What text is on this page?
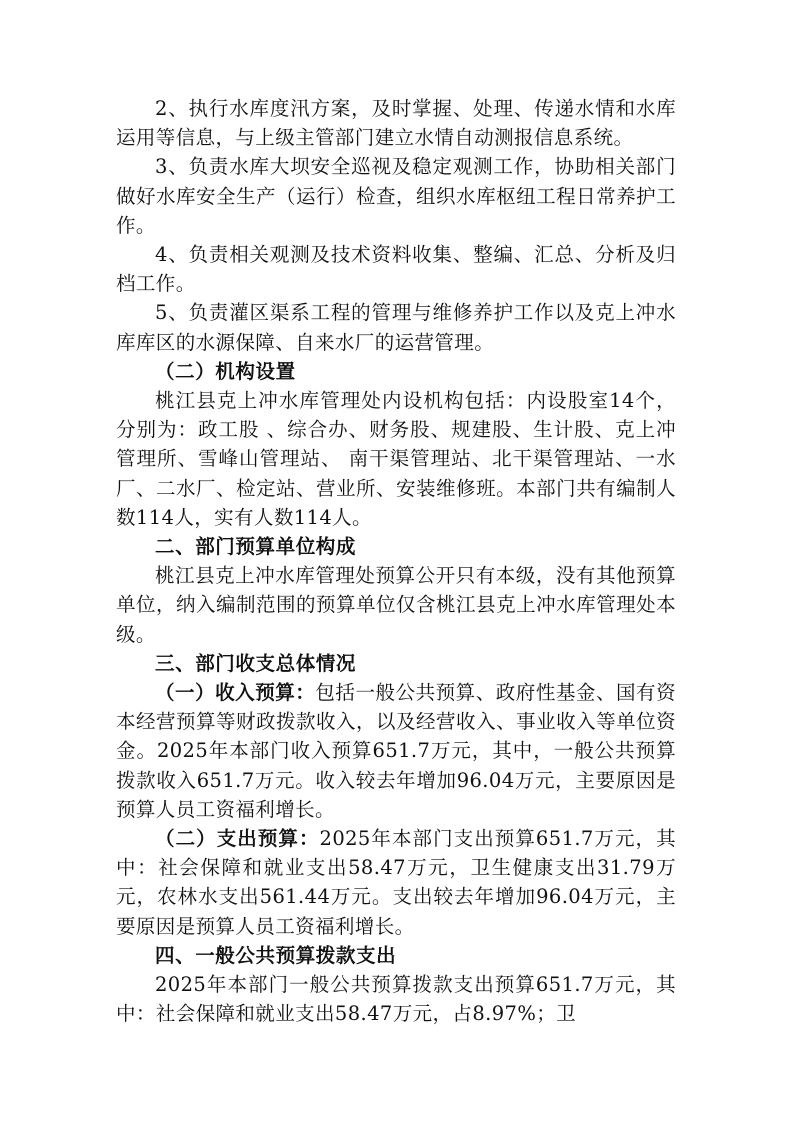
2、执行水库度汛方案，及时掌握、处理、传递水情和水库运用等信息，与上级主管部门建立水情自动测报信息系统。

3、负责水库大坝安全巡视及稳定观测工作，协助相关部门做好水库安全生产（运行）检查，组织水库枢纽工程日常养护工作。

4、负责相关观测及技术资料收集、整编、汇总、分析及归档工作。

5、负责灌区渠系工程的管理与维修养护工作以及克上冲水库库区的水源保障、自来水厂的运营管理。

（二）机构设置

桃江县克上冲水库管理处内设机构包括：内设股室14个，分别为：政工股 、综合办、财务股、规建股、生计股、克上冲管理所、雪峰山管理站、 南干渠管理站、北干渠管理站、一水厂、二水厂、检定站、营业所、安装维修班。本部门共有编制人数114人，实有人数114人。

二、部门预算单位构成

桃江县克上冲水库管理处预算公开只有本级，没有其他预算单位，纳入编制范围的预算单位仅含桃江县克上冲水库管理处本级。

三、部门收支总体情况

（一）收入预算：包括一般公共预算、政府性基金、国有资本经营预算等财政拨款收入，以及经营收入、事业收入等单位资金。2025年本部门收入预算651.7万元，其中，一般公共预算拨款收入651.7万元。收入较去年增加96.04万元，主要原因是预算人员工资福利增长。

（二）支出预算：2025年本部门支出预算651.7万元，其中：社会保障和就业支出58.47万元，卫生健康支出31.79万元，农林水支出561.44万元。支出较去年增加96.04万元，主要原因是预算人员工资福利增长。

四、一般公共预算拨款支出

2025年本部门一般公共预算拨款支出预算651.7万元，其中：社会保障和就业支出58.47万元，占8.97%；卫
